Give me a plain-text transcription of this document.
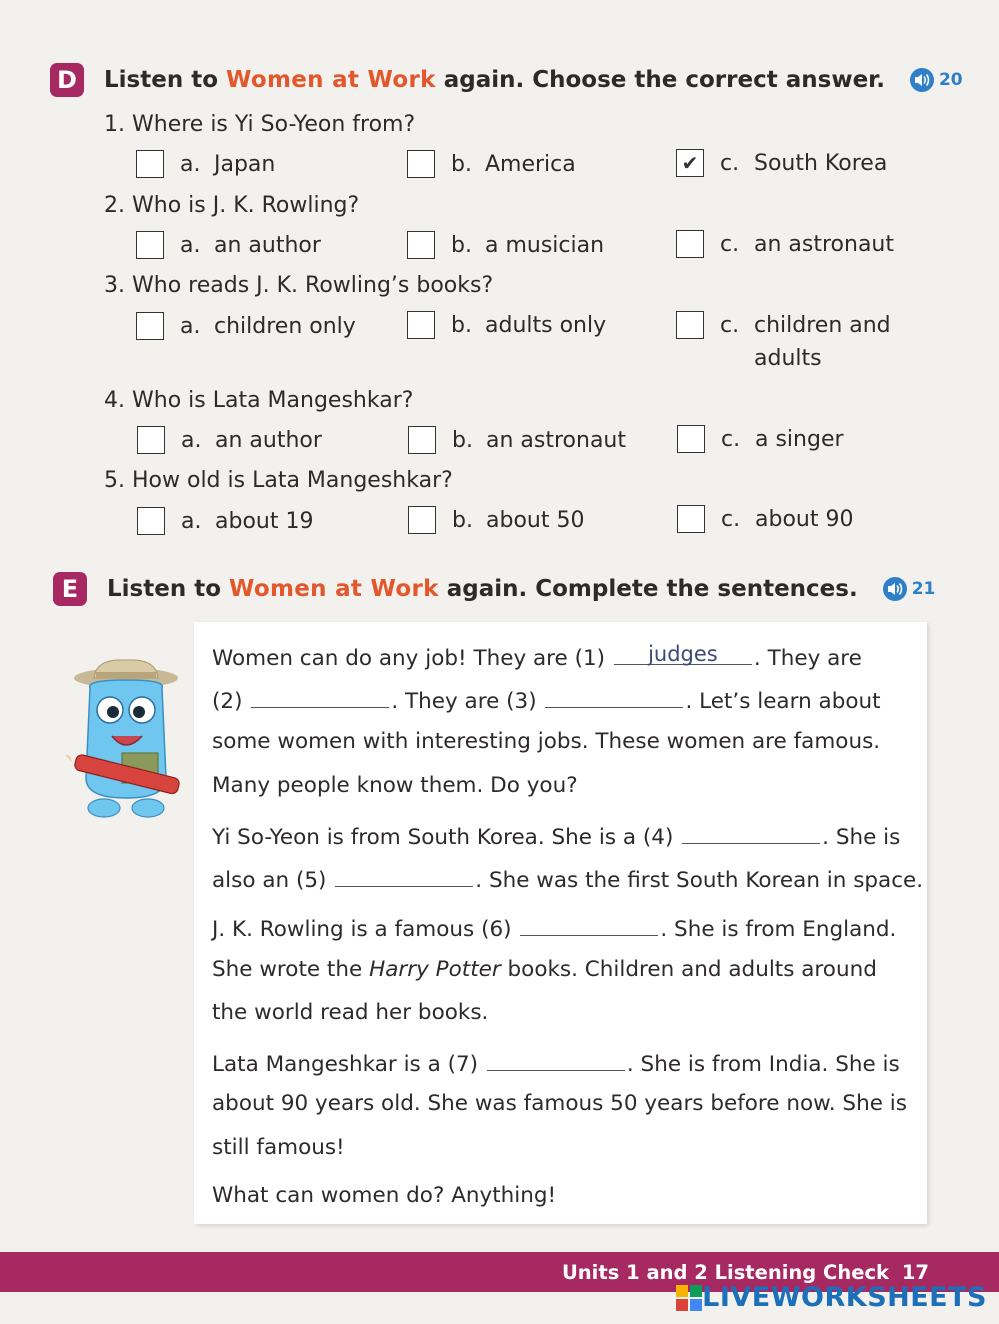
D	Listen to Women at Work again. Choose the correct answer.	20
1. Where is Yi So-Yeon from?
a. Japan	b. America	✔ c. South Korea
2. Who is J. K. Rowling?
a. an author	b. a musician	c. an astronaut
3. Who reads J. K. Rowling’s books?
a. children only	b. adults only	c. children and
adults
4. Who is Lata Mangeshkar?
a. an author	b. an astronaut	c. a singer
5. How old is Lata Mangeshkar?
a. about 19	b. about 50	c. about 90
E	Listen to Women at Work again. Complete the sentences.	21
Women can do any job! They are (1)
judges	. They are
(2)	. They are (3)	. Let’s learn about
some women with interesting jobs. These women are famous.
Many people know them. Do you?
Yi So-Yeon is from South Korea. She is a (4)	. She is
also an (5)	. She was the first South Korean in space.
J. K. Rowling is a famous (6)	. She is from England.
She wrote the Harry Potter books. Children and adults around
the world read her books.
Lata Mangeshkar is a (7)	. She is from India. She is
about 90 years old. She was famous 50 years before now. She is
still famous!
What can women do? Anything!
Units 1 and 2 Listening Check 17
LIVEWORKSHEETS
